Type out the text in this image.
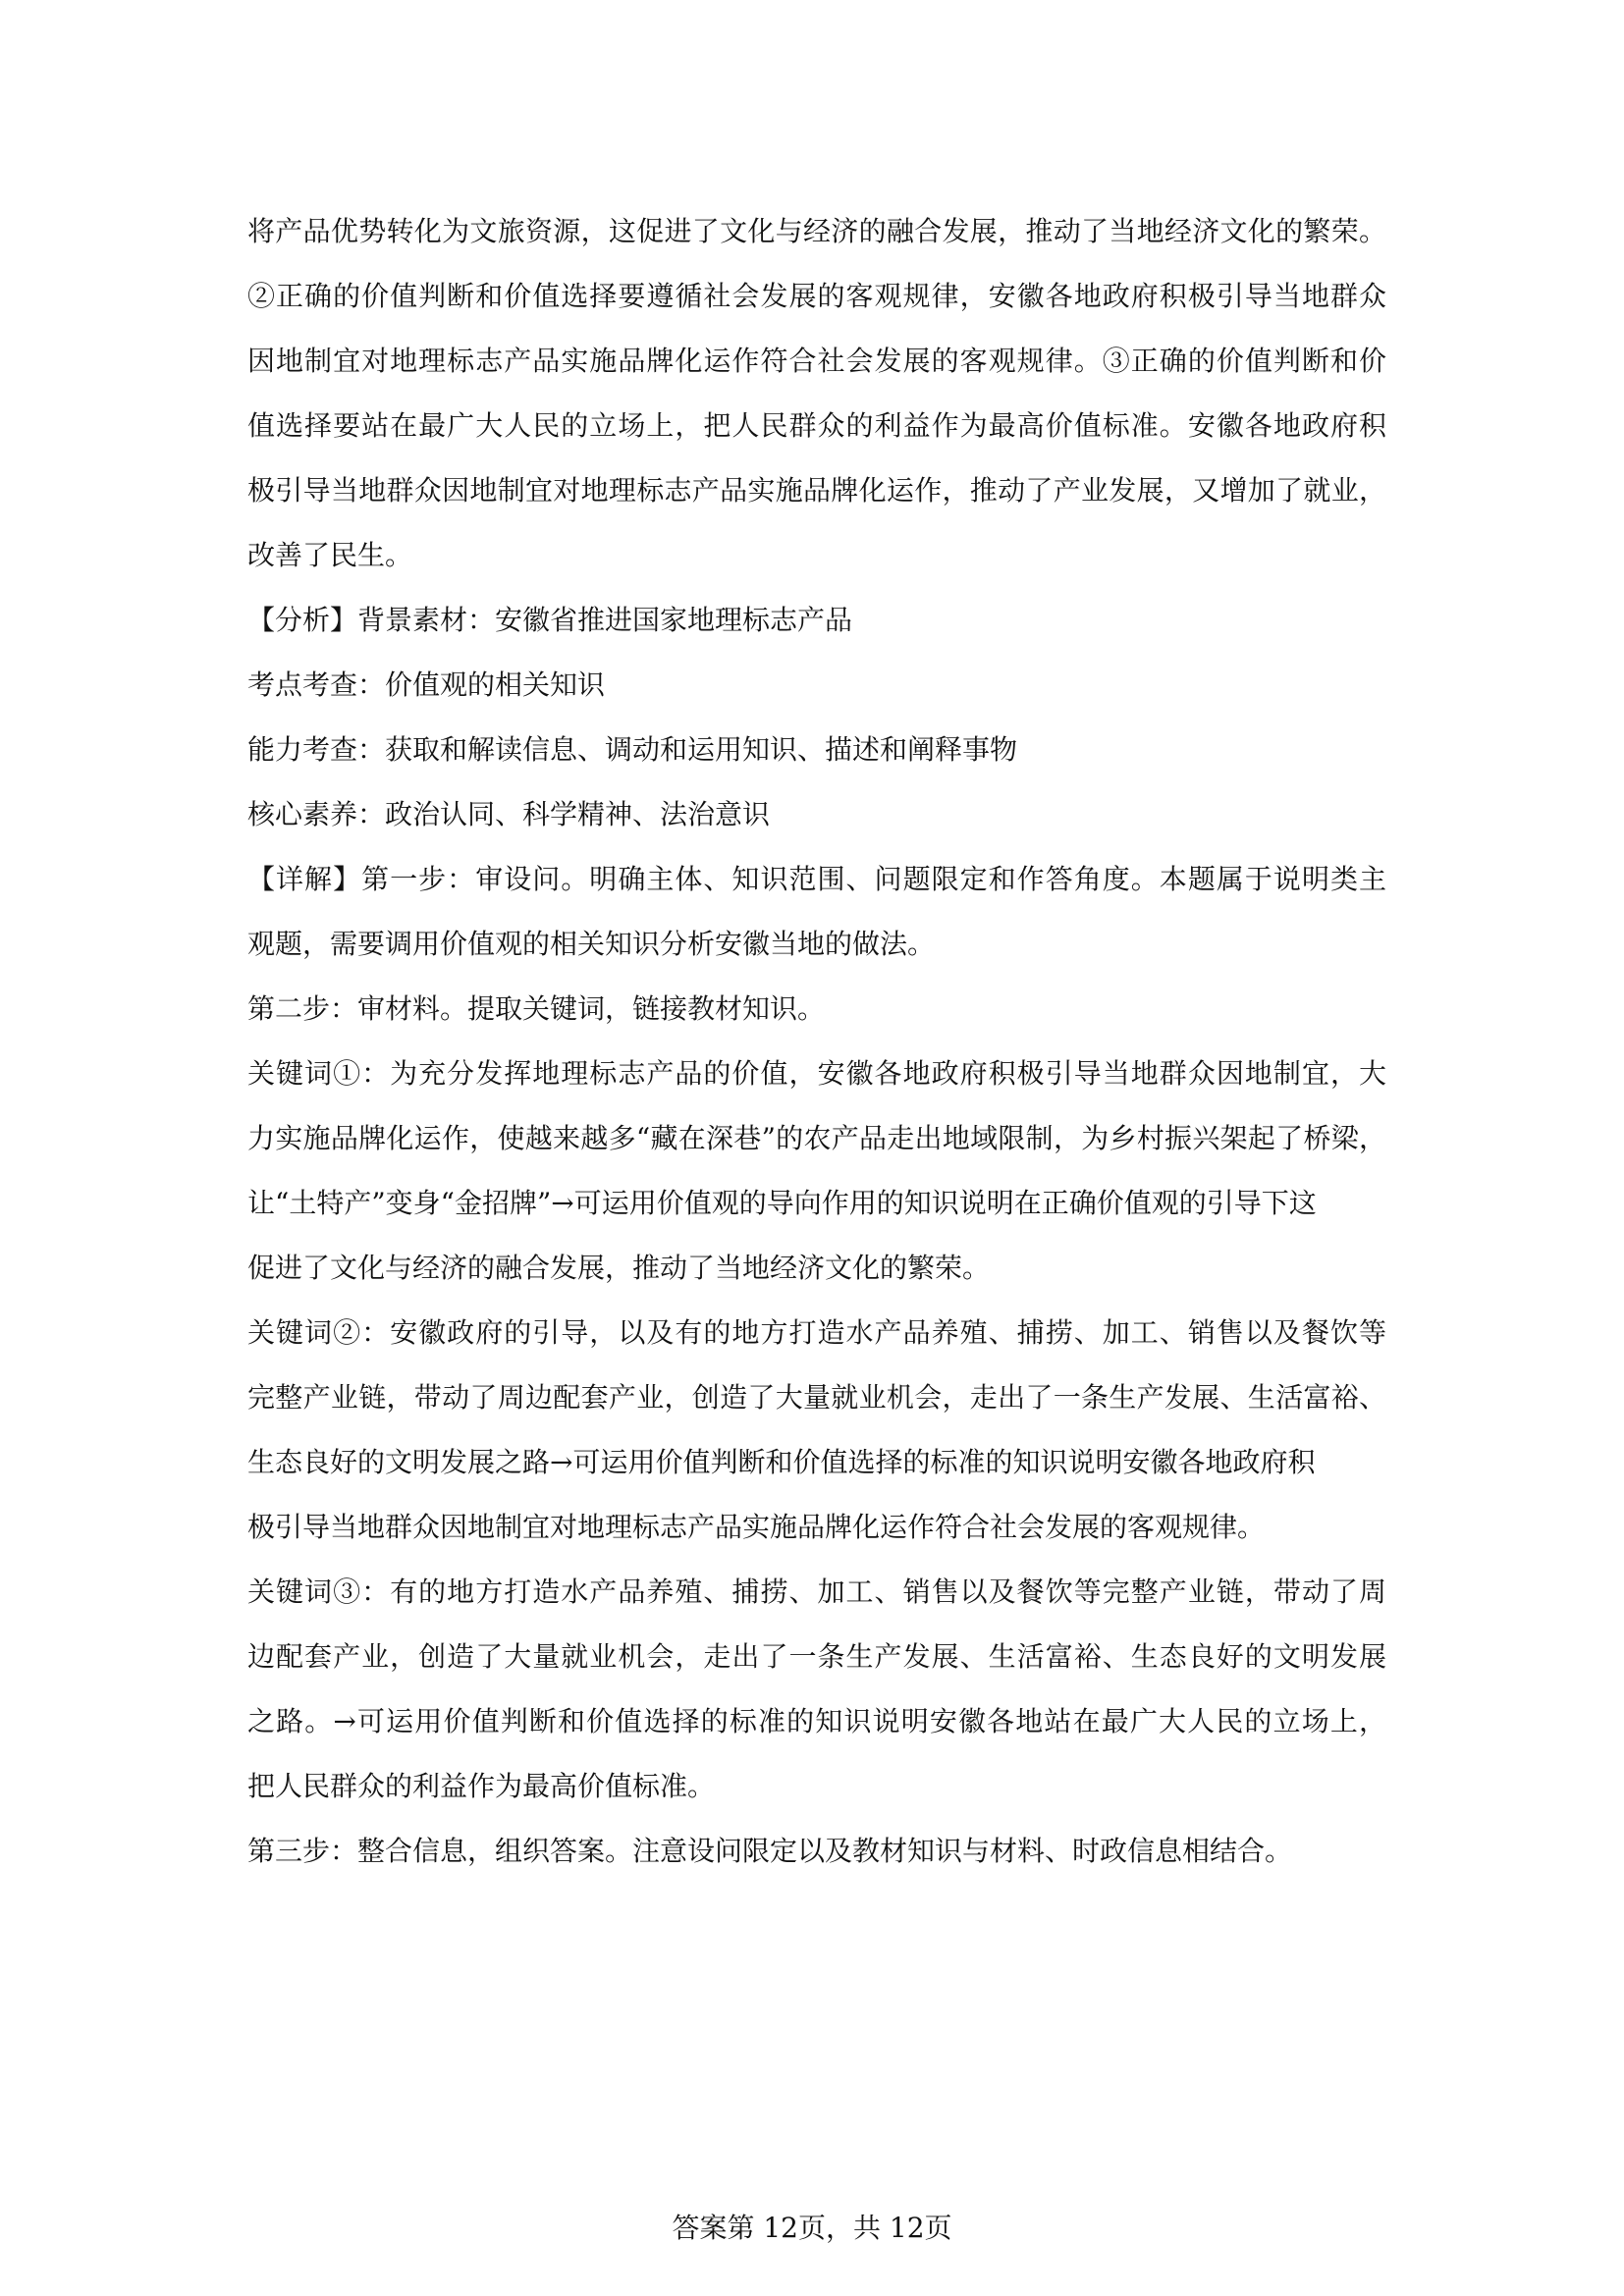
将产品优势转化为文旅资源，这促进了文化与经济的融合发展，推动了当地经济文化的繁荣。
②正确的价值判断和价值选择要遵循社会发展的客观规律，安徽各地政府积极引导当地群众
因地制宜对地理标志产品实施品牌化运作符合社会发展的客观规律。③正确的价值判断和价
值选择要站在最广大人民的立场上，把人民群众的利益作为最高价值标准。安徽各地政府积
极引导当地群众因地制宜对地理标志产品实施品牌化运作，推动了产业发展，又增加了就业，
改善了民生。
【分析】背景素材：安徽省推进国家地理标志产品
考点考查：价值观的相关知识
能力考查：获取和解读信息、调动和运用知识、描述和阐释事物
核心素养：政治认同、科学精神、法治意识
【详解】第一步：审设问。明确主体、知识范围、问题限定和作答角度。本题属于说明类主
观题，需要调用价值观的相关知识分析安徽当地的做法。
第二步：审材料。提取关键词，链接教材知识。
关键词①：为充分发挥地理标志产品的价值，安徽各地政府积极引导当地群众因地制宜，大
力实施品牌化运作，使越来越多“藏在深巷”的农产品走出地域限制，为乡村振兴架起了桥梁，
让“土特产”变身“金招牌”→可运用价值观的导向作用的知识说明在正确价值观的引导下这
促进了文化与经济的融合发展，推动了当地经济文化的繁荣。
关键词②：安徽政府的引导，以及有的地方打造水产品养殖、捕捞、加工、销售以及餐饮等
完整产业链，带动了周边配套产业，创造了大量就业机会，走出了一条生产发展、生活富裕、
生态良好的文明发展之路→可运用价值判断和价值选择的标准的知识说明安徽各地政府积
极引导当地群众因地制宜对地理标志产品实施品牌化运作符合社会发展的客观规律。
关键词③：有的地方打造水产品养殖、捕捞、加工、销售以及餐饮等完整产业链，带动了周
边配套产业，创造了大量就业机会，走出了一条生产发展、生活富裕、生态良好的文明发展
之路。→可运用价值判断和价值选择的标准的知识说明安徽各地站在最广大人民的立场上，
把人民群众的利益作为最高价值标准。
第三步：整合信息，组织答案。注意设问限定以及教材知识与材料、时政信息相结合。
答案第 12页，共 12页
